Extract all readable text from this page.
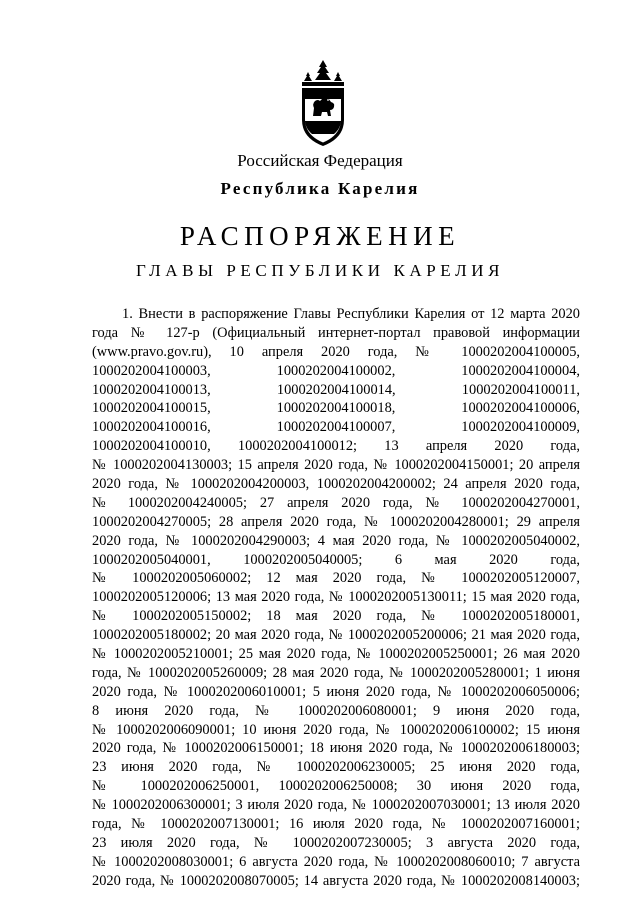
Российская Федерация
Республика Карелия
РАСПОРЯЖЕНИЕ
ГЛАВЫ РЕСПУБЛИКИ КАРЕЛИЯ
1. Внести в распоряжение Главы Республики Карелия от 12 марта 2020
года № 127-р (Официальный интернет-портал правовой информации
(www.pravo.gov.ru), 10 апреля 2020 года, № 1000202004100005,
1000202004100003, 1000202004100002, 1000202004100004,
1000202004100013, 1000202004100014, 1000202004100011,
1000202004100015, 1000202004100018, 1000202004100006,
1000202004100016, 1000202004100007, 1000202004100009,
1000202004100010, 1000202004100012; 13 апреля 2020 года,
№ 1000202004130003; 15 апреля 2020 года, № 1000202004150001; 20 апреля
2020 года, № 1000202004200003, 1000202004200002; 24 апреля 2020 года,
№ 1000202004240005; 27 апреля 2020 года, № 1000202004270001,
1000202004270005; 28 апреля 2020 года, № 1000202004280001; 29 апреля
2020 года, № 1000202004290003; 4 мая 2020 года, № 1000202005040002,
1000202005040001, 1000202005040005; 6 мая 2020 года,
№ 1000202005060002; 12 мая 2020 года, № 1000202005120007,
1000202005120006; 13 мая 2020 года, № 1000202005130011; 15 мая 2020 года,
№ 1000202005150002; 18 мая 2020 года, № 1000202005180001,
1000202005180002; 20 мая 2020 года, № 1000202005200006; 21 мая 2020 года,
№ 1000202005210001; 25 мая 2020 года, № 1000202005250001; 26 мая 2020
года, № 1000202005260009; 28 мая 2020 года, № 1000202005280001; 1 июня
2020 года, № 1000202006010001; 5 июня 2020 года, № 1000202006050006;
8 июня 2020 года, № 1000202006080001; 9 июня 2020 года,
№ 1000202006090001; 10 июня 2020 года, № 1000202006100002; 15 июня
2020 года, № 1000202006150001; 18 июня 2020 года, № 1000202006180003;
23 июня 2020 года, № 1000202006230005; 25 июня 2020 года,
№ 1000202006250001, 1000202006250008; 30 июня 2020 года,
№ 1000202006300001; 3 июля 2020 года, № 1000202007030001; 13 июля 2020
года, № 1000202007130001; 16 июля 2020 года, № 1000202007160001;
23 июля 2020 года, № 1000202007230005; 3 августа 2020 года,
№ 1000202008030001; 6 августа 2020 года, № 1000202008060010; 7 августа
2020 года, № 1000202008070005; 14 августа 2020 года, № 1000202008140003;
